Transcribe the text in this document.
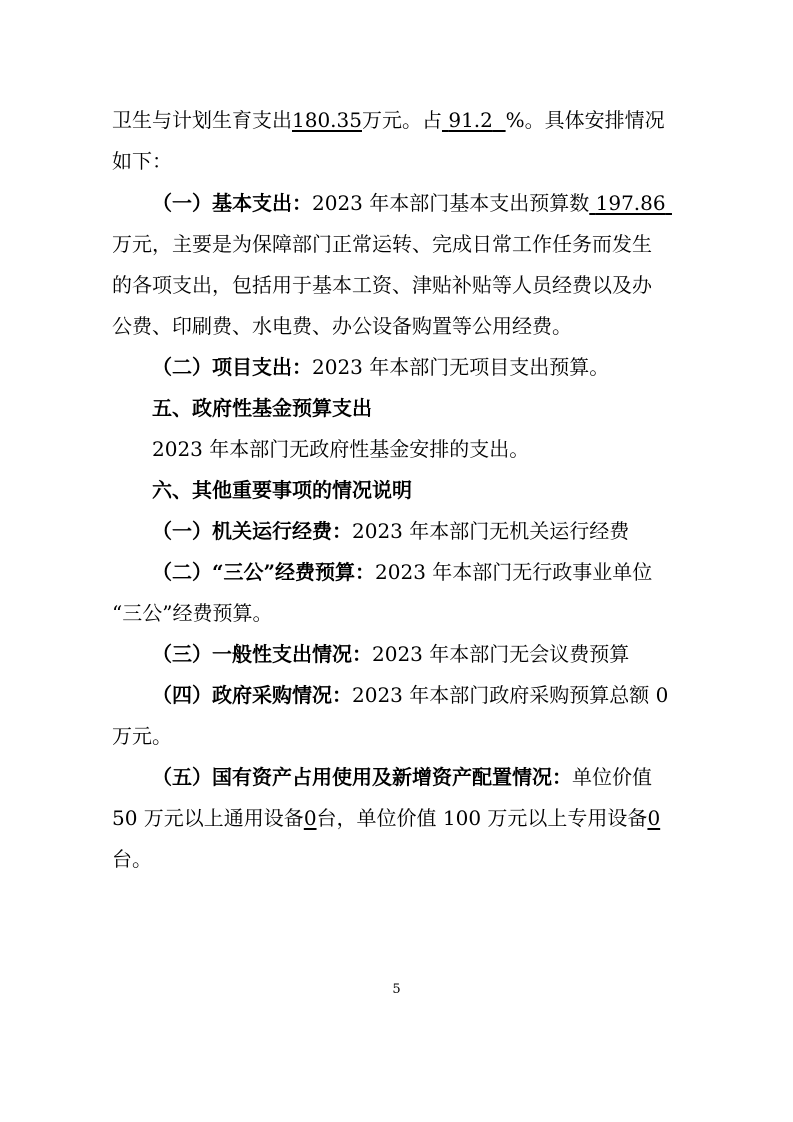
卫生与计划生育支出180.35万元。占 91.2 %。具体安排情况
如下：
（一）基本支出：2023 年本部门基本支出预算数 197.86
万元，主要是为保障部门正常运转、完成日常工作任务而发生
的各项支出，包括用于基本工资、津贴补贴等人员经费以及办
公费、印刷费、水电费、办公设备购置等公用经费。
（二）项目支出：2023 年本部门无项目支出预算。
五、政府性基金预算支出
2023 年本部门无政府性基金安排的支出。
六、其他重要事项的情况说明
（一）机关运行经费：2023 年本部门无机关运行经费
（二）“三公”经费预算：2023 年本部门无行政事业单位
“三公”经费预算。
（三）一般性支出情况：2023 年本部门无会议费预算
（四）政府采购情况：2023 年本部门政府采购预算总额 0
万元。
（五）国有资产占用使用及新增资产配置情况：单位价值
50 万元以上通用设备0台，单位价值 100 万元以上专用设备0
台。
5
